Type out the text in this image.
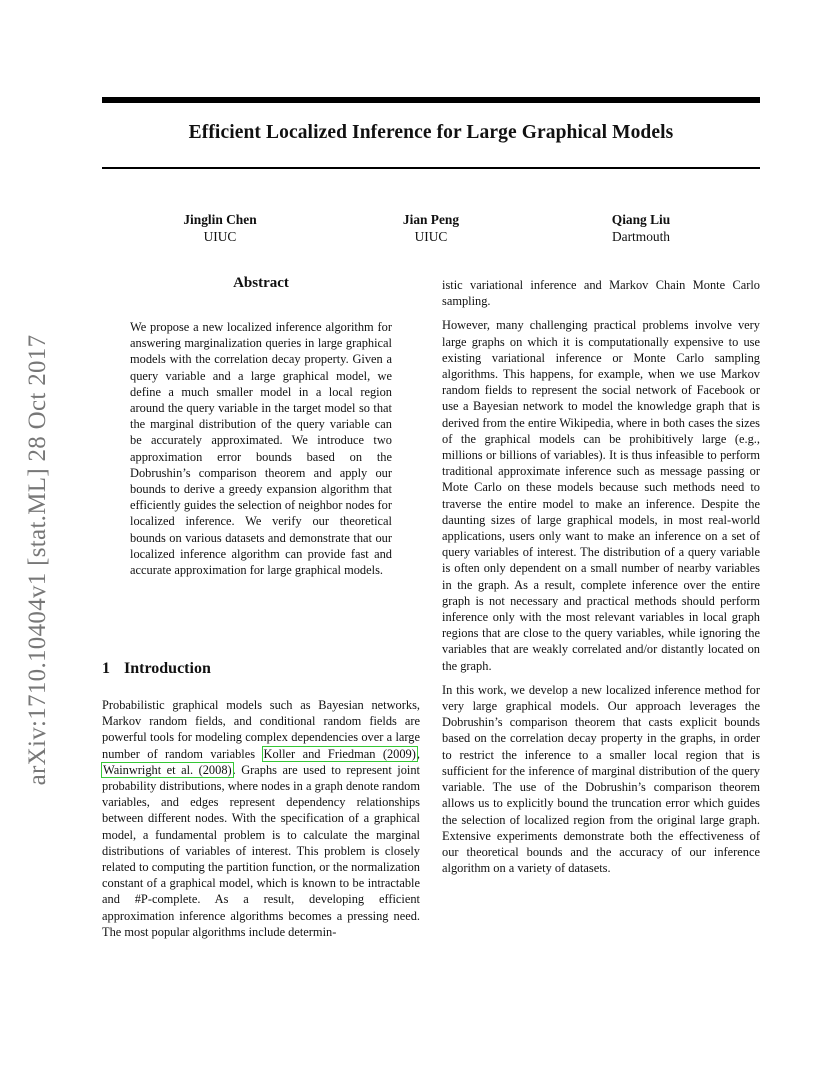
Efficient Localized Inference for Large Graphical Models
Jinglin Chen
UIUC
Jian Peng
UIUC
Qiang Liu
Dartmouth
arXiv:1710.10404v1 [stat.ML] 28 Oct 2017
Abstract

We propose a new localized inference algorithm for answering marginalization queries in large graphical models with the correlation decay property. Given a query variable and a large graphical model, we define a much smaller model in a local region around the query variable in the target model so that the marginal distribution of the query variable can be accurately approximated. We introduce two approximation error bounds based on the Dobrushin’s comparison theorem and apply our bounds to derive a greedy expansion algorithm that efficiently guides the selection of neighbor nodes for localized inference. We verify our theoretical bounds on various datasets and demonstrate that our localized inference algorithm can provide fast and accurate approximation for large graphical models.

1 Introduction

Probabilistic graphical models such as Bayesian networks, Markov random fields, and conditional random fields are powerful tools for modeling complex dependencies over a large number of random variables Koller and Friedman (2009), Wainwright et al. (2008). Graphs are used to represent joint probability distributions, where nodes in a graph denote random variables, and edges represent dependency relationships between different nodes. With the specification of a graphical model, a fundamental problem is to calculate the marginal distributions of variables of interest. This problem is closely related to computing the partition function, or the normalization constant of a graphical model, which is known to be intractable and #P-complete. As a result, developing efficient approximation inference algorithms becomes a pressing need. The most popular algorithms include determin-

istic variational inference and Markov Chain Monte Carlo sampling.

However, many challenging practical problems involve very large graphs on which it is computationally expensive to use existing variational inference or Monte Carlo sampling algorithms. This happens, for example, when we use Markov random fields to represent the social network of Facebook or use a Bayesian network to model the knowledge graph that is derived from the entire Wikipedia, where in both cases the sizes of the graphical models can be prohibitively large (e.g., millions or billions of variables). It is thus infeasible to perform traditional approximate inference such as message passing or Mote Carlo on these models because such methods need to traverse the entire model to make an inference. Despite the daunting sizes of large graphical models, in most real-world applications, users only want to make an inference on a set of query variables of interest. The distribution of a query variable is often only dependent on a small number of nearby variables in the graph. As a result, complete inference over the entire graph is not necessary and practical methods should perform inference only with the most relevant variables in local graph regions that are close to the query variables, while ignoring the variables that are weakly correlated and/or distantly located on the graph.

In this work, we develop a new localized inference method for very large graphical models. Our approach leverages the Dobrushin’s comparison theorem that casts explicit bounds based on the correlation decay property in the graphs, in order to restrict the inference to a smaller local region that is sufficient for the inference of marginal distribution of the query variable. The use of the Dobrushin’s comparison theorem allows us to explicitly bound the truncation error which guides the selection of localized region from the original large graph. Extensive experiments demonstrate both the effectiveness of our theoretical bounds and the accuracy of our inference algorithm on a variety of datasets.
